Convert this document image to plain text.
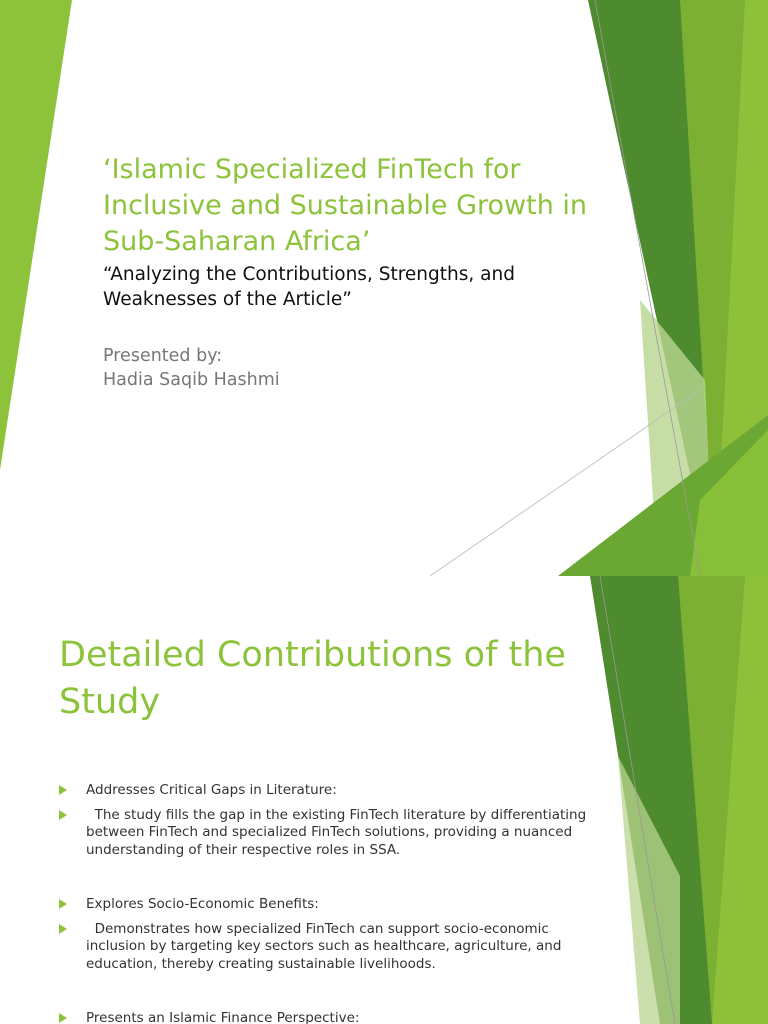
‘Islamic Specialized FinTech for Inclusive and Sustainable Growth in Sub-Saharan Africa’

“Analyzing the Contributions, Strengths, and Weaknesses of the Article”

Presented by:
Hadia Saqib Hashmi
Detailed Contributions of the Study
Addresses Critical Gaps in Literature:
The study fills the gap in the existing FinTech literature by differentiating between FinTech and specialized FinTech solutions, providing a nuanced understanding of their respective roles in SSA.
Explores Socio-Economic Benefits:
Demonstrates how specialized FinTech can support socio-economic inclusion by targeting key sectors such as healthcare, agriculture, and education, thereby creating sustainable livelihoods.
Presents an Islamic Finance Perspective:
